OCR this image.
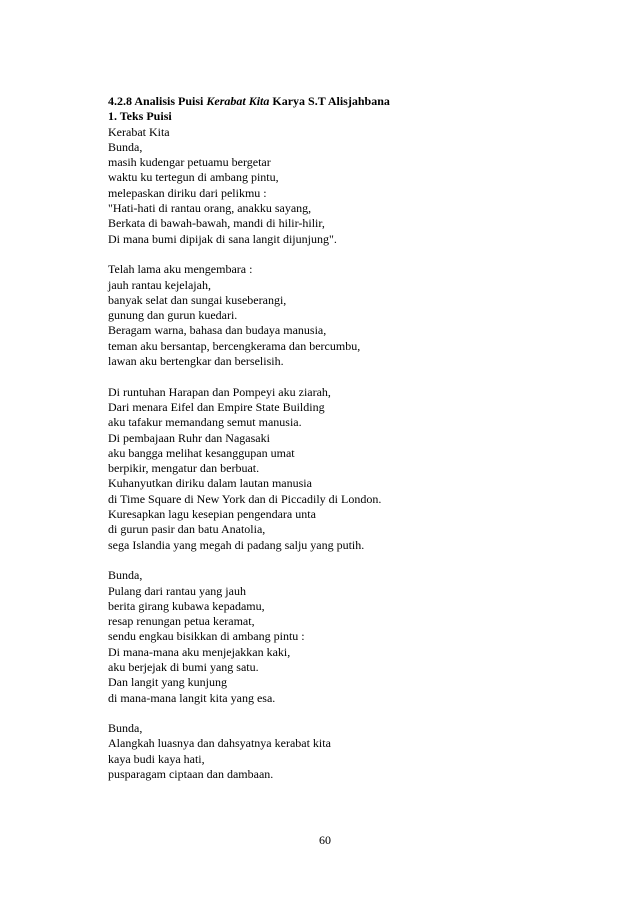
4.2.8 Analisis Puisi Kerabat Kita Karya S.T Alisjahbana
1. Teks Puisi
Kerabat Kita
Bunda,
masih kudengar petuamu bergetar
waktu ku tertegun di ambang pintu,
melepaskan diriku dari pelikmu :
"Hati-hati di rantau orang, anakku sayang,
Berkata di bawah-bawah, mandi di hilir-hilir,
Di mana bumi dipijak di sana langit dijunjung".
Telah lama aku mengembara :
jauh rantau kejelajah,
banyak selat dan sungai kuseberangi,
gunung dan gurun kuedari.
Beragam warna, bahasa dan budaya manusia,
teman aku bersantap, bercengkerama dan bercumbu,
lawan aku bertengkar dan berselisih.
Di runtuhan Harapan dan Pompeyi aku ziarah,
Dari menara Eifel dan Empire State Building
aku tafakur memandang semut manusia.
Di pembajaan Ruhr dan Nagasaki
aku bangga melihat kesanggupan umat
berpikir, mengatur dan berbuat.
Kuhanyutkan diriku dalam lautan manusia
di Time Square di New York dan di Piccadily di London.
Kuresapkan lagu kesepian pengendara unta
di gurun pasir dan batu Anatolia,
sega Islandia yang megah di padang salju yang putih.
Bunda,
Pulang dari rantau yang jauh
berita girang kubawa kepadamu,
resap renungan petua keramat,
sendu engkau bisikkan di ambang pintu :
Di mana-mana aku menjejakkan kaki,
aku berjejak di bumi yang satu.
Dan langit yang kunjung
di mana-mana langit kita yang esa.
Bunda,
Alangkah luasnya dan dahsyatnya kerabat kita
kaya budi kaya hati,
pusparagam ciptaan dan dambaan.
60
